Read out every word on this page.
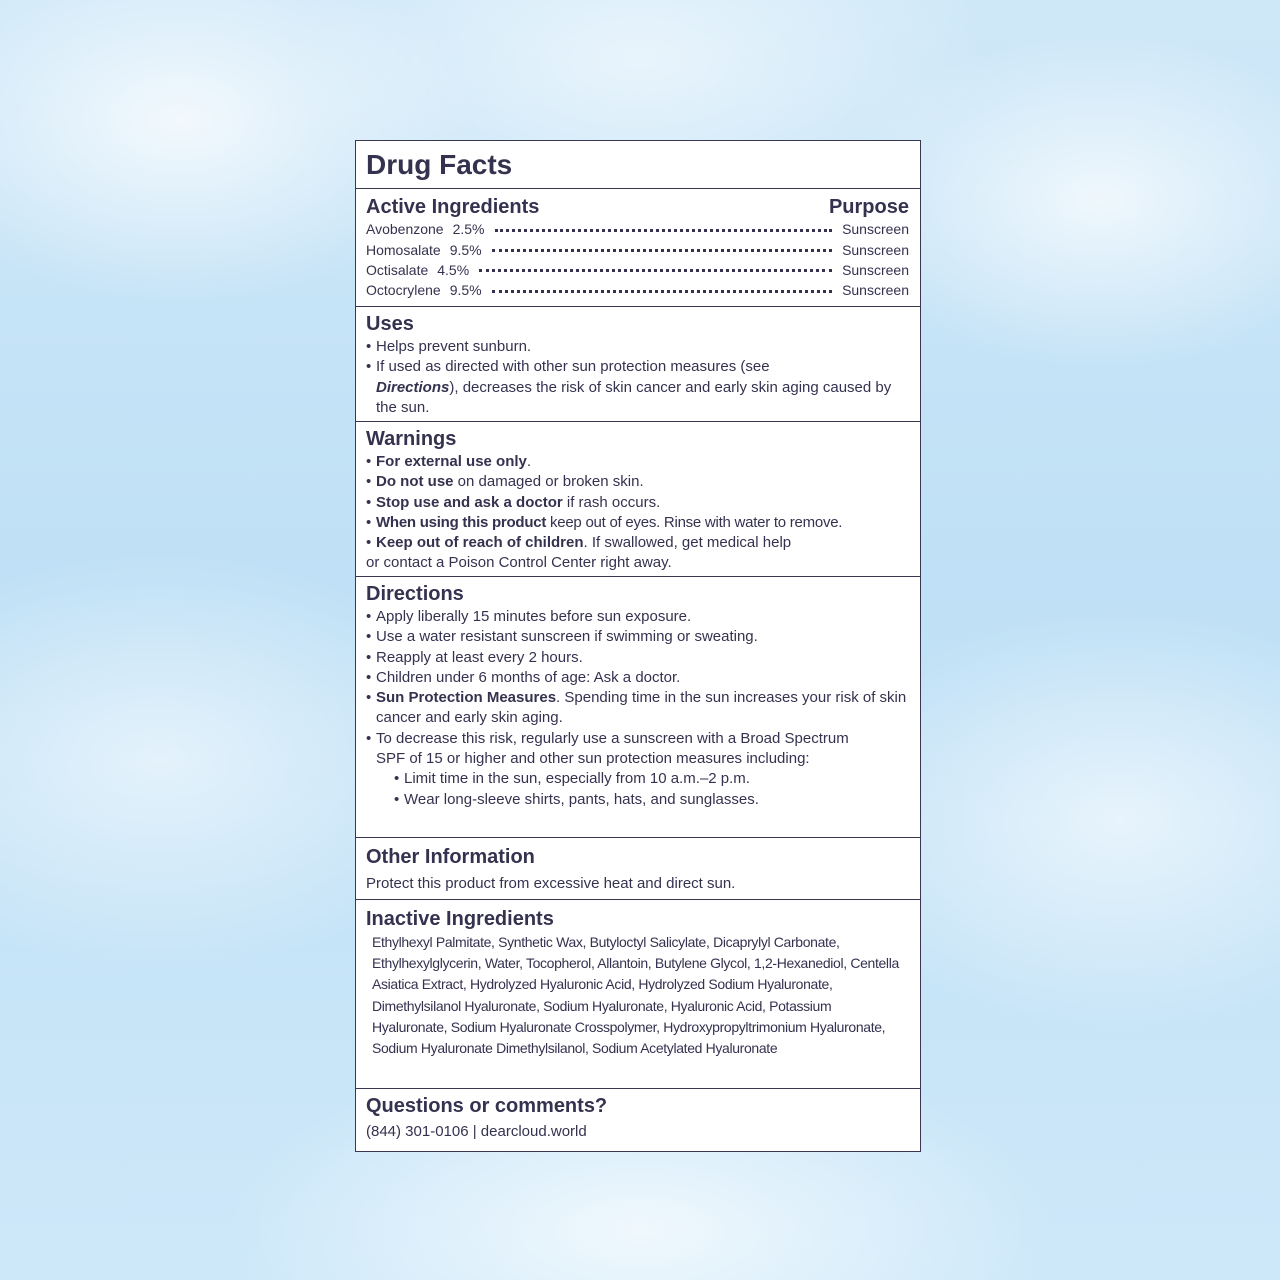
Drug Facts
Active Ingredients	Purpose
Avobenzone 2.5%	Sunscreen
Homosalate 9.5%	Sunscreen
Octisalate 4.5%	Sunscreen
Octocrylene 9.5%	Sunscreen
Uses
• Helps prevent sunburn.
• If used as directed with other sun protection measures (see
Directions), decreases the risk of skin cancer and early skin aging caused by the sun.
Warnings
• For external use only.
• Do not use on damaged or broken skin.
• Stop use and ask a doctor if rash occurs.
• When using this product keep out of eyes. Rinse with water to remove.
• Keep out of reach of children. If swallowed, get medical help
or contact a Poison Control Center right away.
Directions
• Apply liberally 15 minutes before sun exposure.
• Use a water resistant sunscreen if swimming or sweating.
• Reapply at least every 2 hours.
• Children under 6 months of age: Ask a doctor.
• Sun Protection Measures. Spending time in the sun increases your risk of skin cancer and early skin aging.
• To decrease this risk, regularly use a sunscreen with a Broad Spectrum SPF of 15 or higher and other sun protection measures including:
• Limit time in the sun, especially from 10 a.m.–2 p.m.
• Wear long-sleeve shirts, pants, hats, and sunglasses.
Other Information
Protect this product from excessive heat and direct sun.
Inactive Ingredients
Ethylhexyl Palmitate, Synthetic Wax, Butyloctyl Salicylate, Dicaprylyl Carbonate, Ethylhexylglycerin, Water, Tocopherol, Allantoin, Butylene Glycol, 1,2-Hexanediol, Centella Asiatica Extract, Hydrolyzed Hyaluronic Acid, Hydrolyzed Sodium Hyaluronate, Dimethylsilanol Hyaluronate, Sodium Hyaluronate, Hyaluronic Acid, Potassium Hyaluronate, Sodium Hyaluronate Crosspolymer, Hydroxypropyltrimonium Hyaluronate, Sodium Hyaluronate Dimethylsilanol, Sodium Acetylated Hyaluronate
Questions or comments?
(844) 301-0106 | dearcloud.world
